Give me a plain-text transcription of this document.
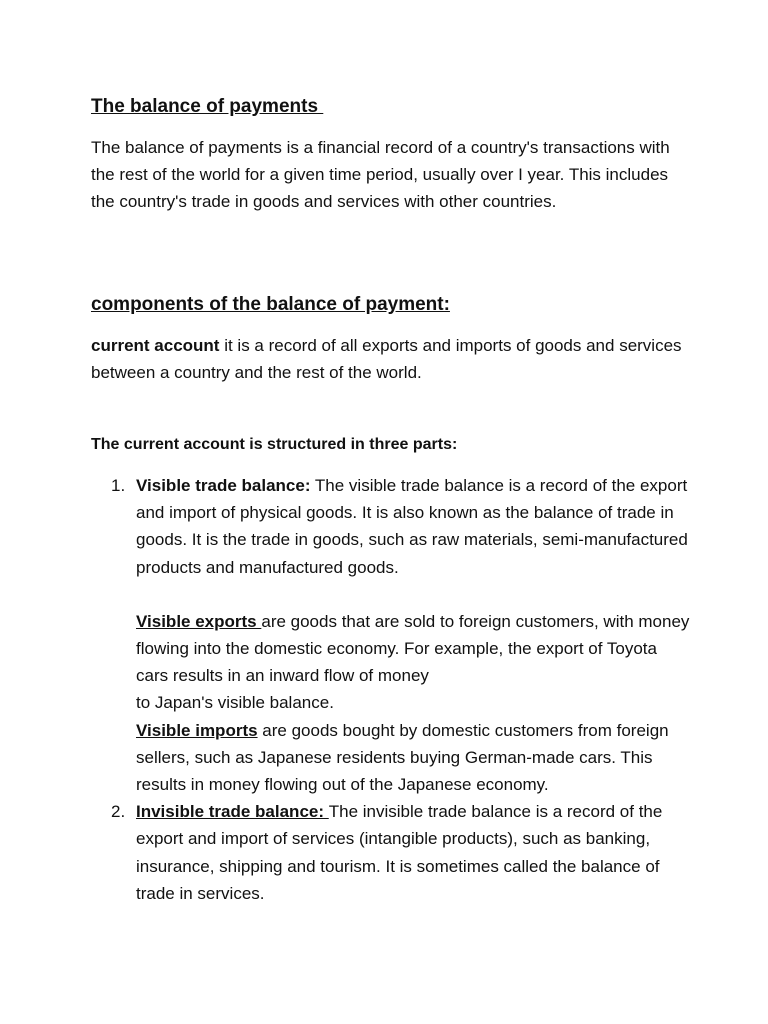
The balance of payments

The balance of payments is a financial record of a country's transactions with the rest of the world for a given time period, usually over I year. This includes the country's trade in goods and services with other countries.

components of the balance of payment:

current account it is a record of all exports and imports of goods and services between a country and the rest of the world.

The current account is structured in three parts:

1. Visible trade balance: The visible trade balance is a record of the export and import of physical goods. It is also known as the balance of trade in goods. It is the trade in goods, such as raw materials, semi-manufactured products and manufactured goods.
Visible exports are goods that are sold to foreign customers, with money flowing into the domestic economy. For example, the export of Toyota cars results in an inward flow of money
to Japan's visible balance.
Visible imports are goods bought by domestic customers from foreign sellers, such as Japanese residents buying German-made cars. This results in money flowing out of the Japanese economy.
2. Invisible trade balance: The invisible trade balance is a record of the export and import of services (intangible products), such as banking, insurance, shipping and tourism. It is sometimes called the balance of trade in services.
